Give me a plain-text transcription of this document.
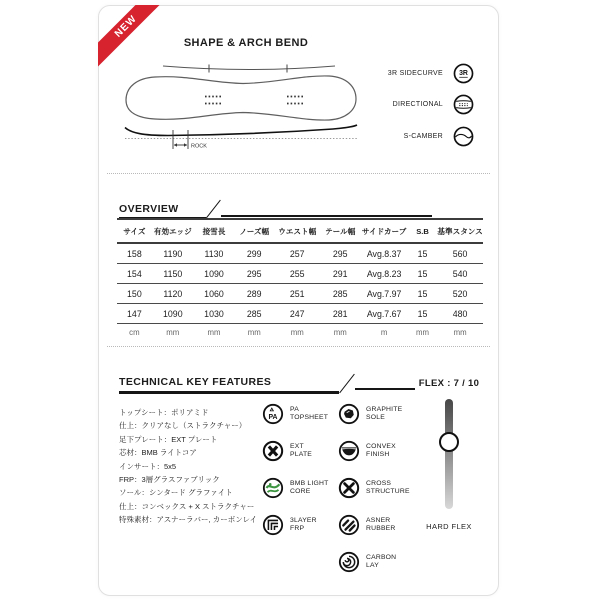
NEW
SHAPE & ARCH BEND
ROCK
3R SIDECURVE 3R
DIRECTIONAL
S-CAMBER
OVERVIEW
サイズ	有効エッジ	接雪長	ノーズ幅	ウエスト幅	テール幅	サイドカーブ	S.B	基準スタンス
158	1190	1130	299	257	295	Avg.8.37	15	560
154	1150	1090	295	255	291	Avg.8.23	15	540
150	1120	1060	289	251	285	Avg.7.97	15	520
147	1090	1030	285	247	281	Avg.7.67	15	480
cm	mm	mm	mm	mm	mm	m	mm	mm
TECHNICAL KEY FEATURES	FLEX : 7 / 10
トップシート：ポリアミド
仕上：クリアなし（ストラクチャー）
足下プレート：EXT プレート
芯材：BMB ライトコア
インサート：5x5
FRP：3層グラスファブリック
ソール：シンタード グラファイト
仕上：コンベックス + X ストラクチャー
特殊素材：アスナーラバー, カーボンレイ
PA
PA
TOPSHEET
EXT
PLATE
BMB LIGHT
CORE
3LAYER
FRP
GRAPHITE
SOLE
CONVEX
FINISH
CROSS
STRUCTURE
ASNER
RUBBER
CARBON
LAY
HARD FLEX
